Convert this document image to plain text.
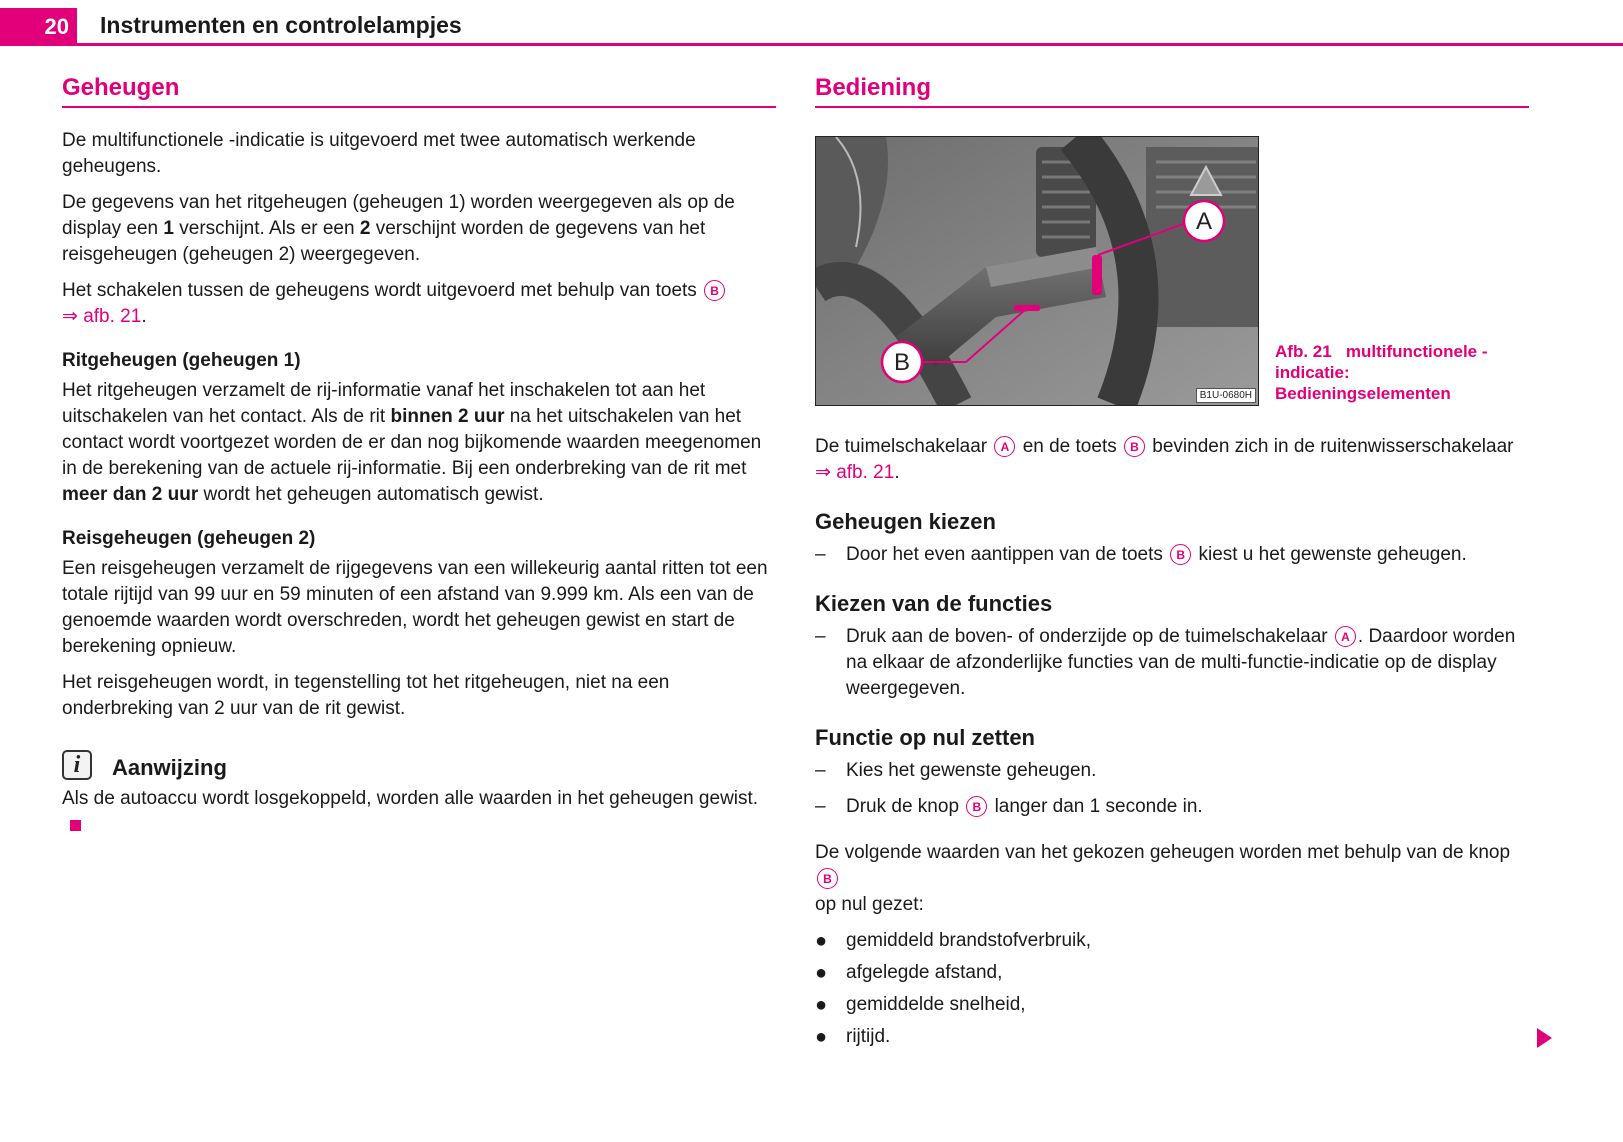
20	Instrumenten en controlelampjes
Geheugen

De multifunctionele -indicatie is uitgevoerd met twee automatisch werkende geheugens.

De gegevens van het ritgeheugen (geheugen 1) worden weergegeven als op de display een 1 verschijnt. Als er een 2 verschijnt worden de gegevens van het reisgeheugen (geheugen 2) weergegeven.

Het schakelen tussen de geheugens wordt uitgevoerd met behulp van toets B
⇒ afb. 21.

Ritgeheugen (geheugen 1)

Het ritgeheugen verzamelt de rij-informatie vanaf het inschakelen tot aan het uitschakelen van het contact. Als de rit binnen 2 uur na het uitschakelen van het contact wordt voortgezet worden de er dan nog bijkomende waarden meegenomen in de berekening van de actuele rij-informatie. Bij een onderbreking van de rit met meer dan 2 uur wordt het geheugen automatisch gewist.

Reisgeheugen (geheugen 2)

Een reisgeheugen verzamelt de rijgegevens van een willekeurig aantal ritten tot een totale rijtijd van 99 uur en 59 minuten of een afstand van 9.999 km. Als een van de genoemde waarden wordt overschreden, wordt het geheugen gewist en start de berekening opnieuw.

Het reisgeheugen wordt, in tegenstelling tot het ritgeheugen, niet na een onderbreking van 2 uur van de rit gewist.

i	Aanwijzing

Als de autoaccu wordt losgekoppeld, worden alle waarden in het geheugen gewist.

Bediening
A
B
B1U-0680H
Afb. 21 multifunctionele -indicatie: Bedieningselementen

De tuimelschakelaar A en de toets B bevinden zich in de ruitenwisserschakelaar
⇒ afb. 21.

Geheugen kiezen
–	Door het even aantippen van de toets B kiest u het gewenste geheugen.
Kiezen van de functies
–	Druk aan de boven- of onderzijde op de tuimelschakelaar A . Daardoor worden na elkaar de afzonderlijke functies van de multi-functie-indicatie op de display weergegeven.
Functie op nul zetten
–	Kies het gewenste geheugen.
–	Druk de knop B langer dan 1 seconde in.

De volgende waarden van het gekozen geheugen worden met behulp van de knop B
op nul gezet:

● gemiddeld brandstofverbruik,
● afgelegde afstand,
● gemiddelde snelheid,
● rijtijd.
